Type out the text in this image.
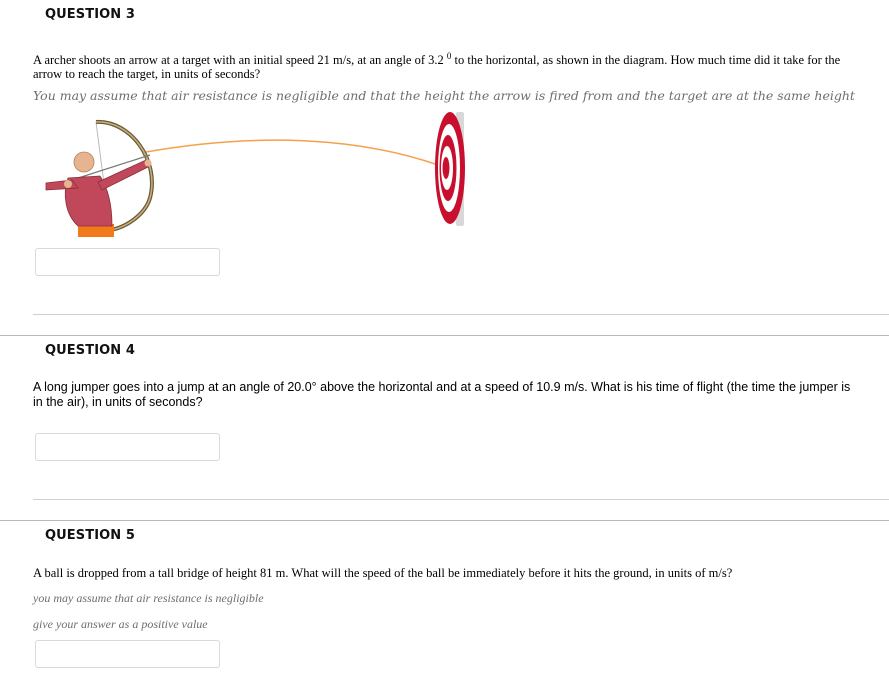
QUESTION 3
A archer shoots an arrow at a target with an initial speed 21 m/s, at an angle of 3.2 $^0$ to the horizontal, as shown in the diagram. How much time did it take for the arrow to reach the target, in units of seconds?
You may assume that air resistance is negligible and that the height the arrow is fired from and the target are at the same height
QUESTION 4
A long jumper goes into a jump at an angle of 20.0° above the horizontal and at a speed of 10.9 m/s. What is his time of flight (the time the jumper is in the air), in units of seconds?
QUESTION 5
A ball is dropped from a tall bridge of height 81 m. What will the speed of the ball be immediately before it hits the ground, in units of m/s?
you may assume that air resistance is negligible
give your answer as a positive value
